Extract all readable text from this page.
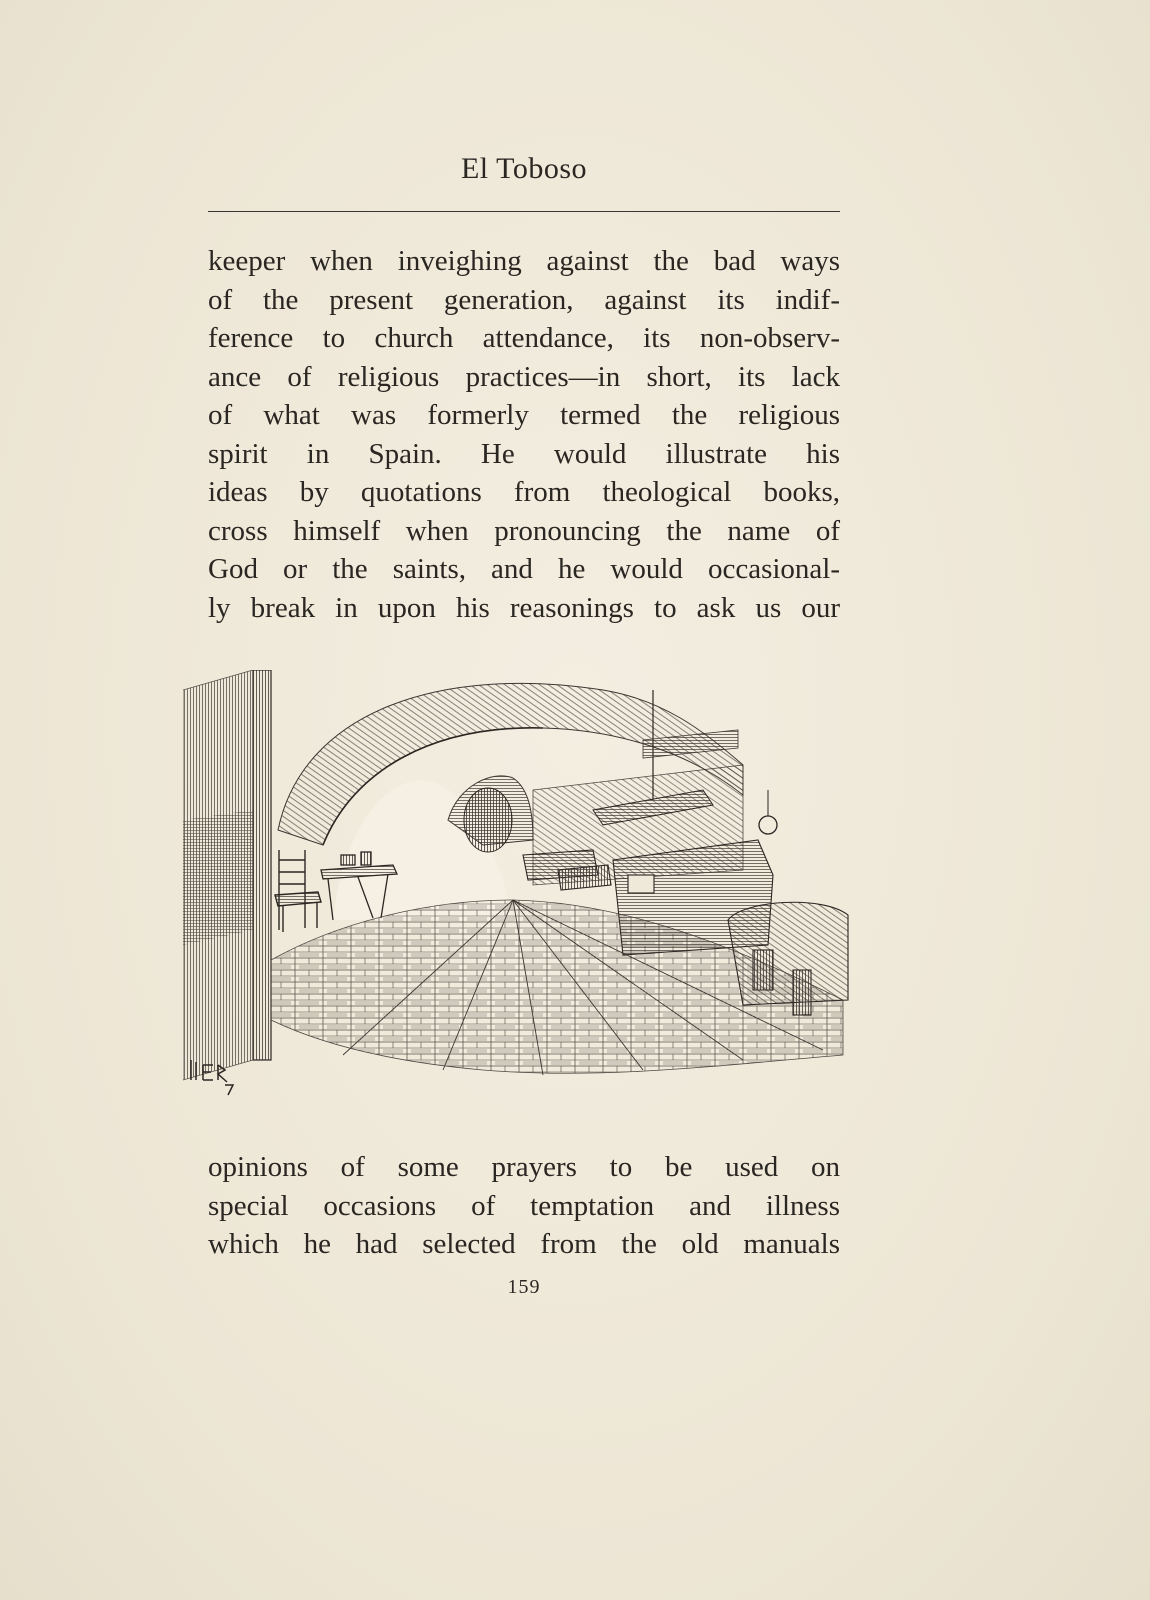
El Toboso
keeper when inveighing against the bad ways
of the present generation, against its indif-
ference to church attendance, its non-observ-
ance of religious practices—in short, its lack
of what was formerly termed the religious
spirit in Spain. He would illustrate his
ideas by quotations from theological books,
cross himself when pronouncing the name of
God or the saints, and he would occasional-
ly break in upon his reasonings to ask us our
opinions of some prayers to be used on
special occasions of temptation and illness
which he had selected from the old manuals
159
